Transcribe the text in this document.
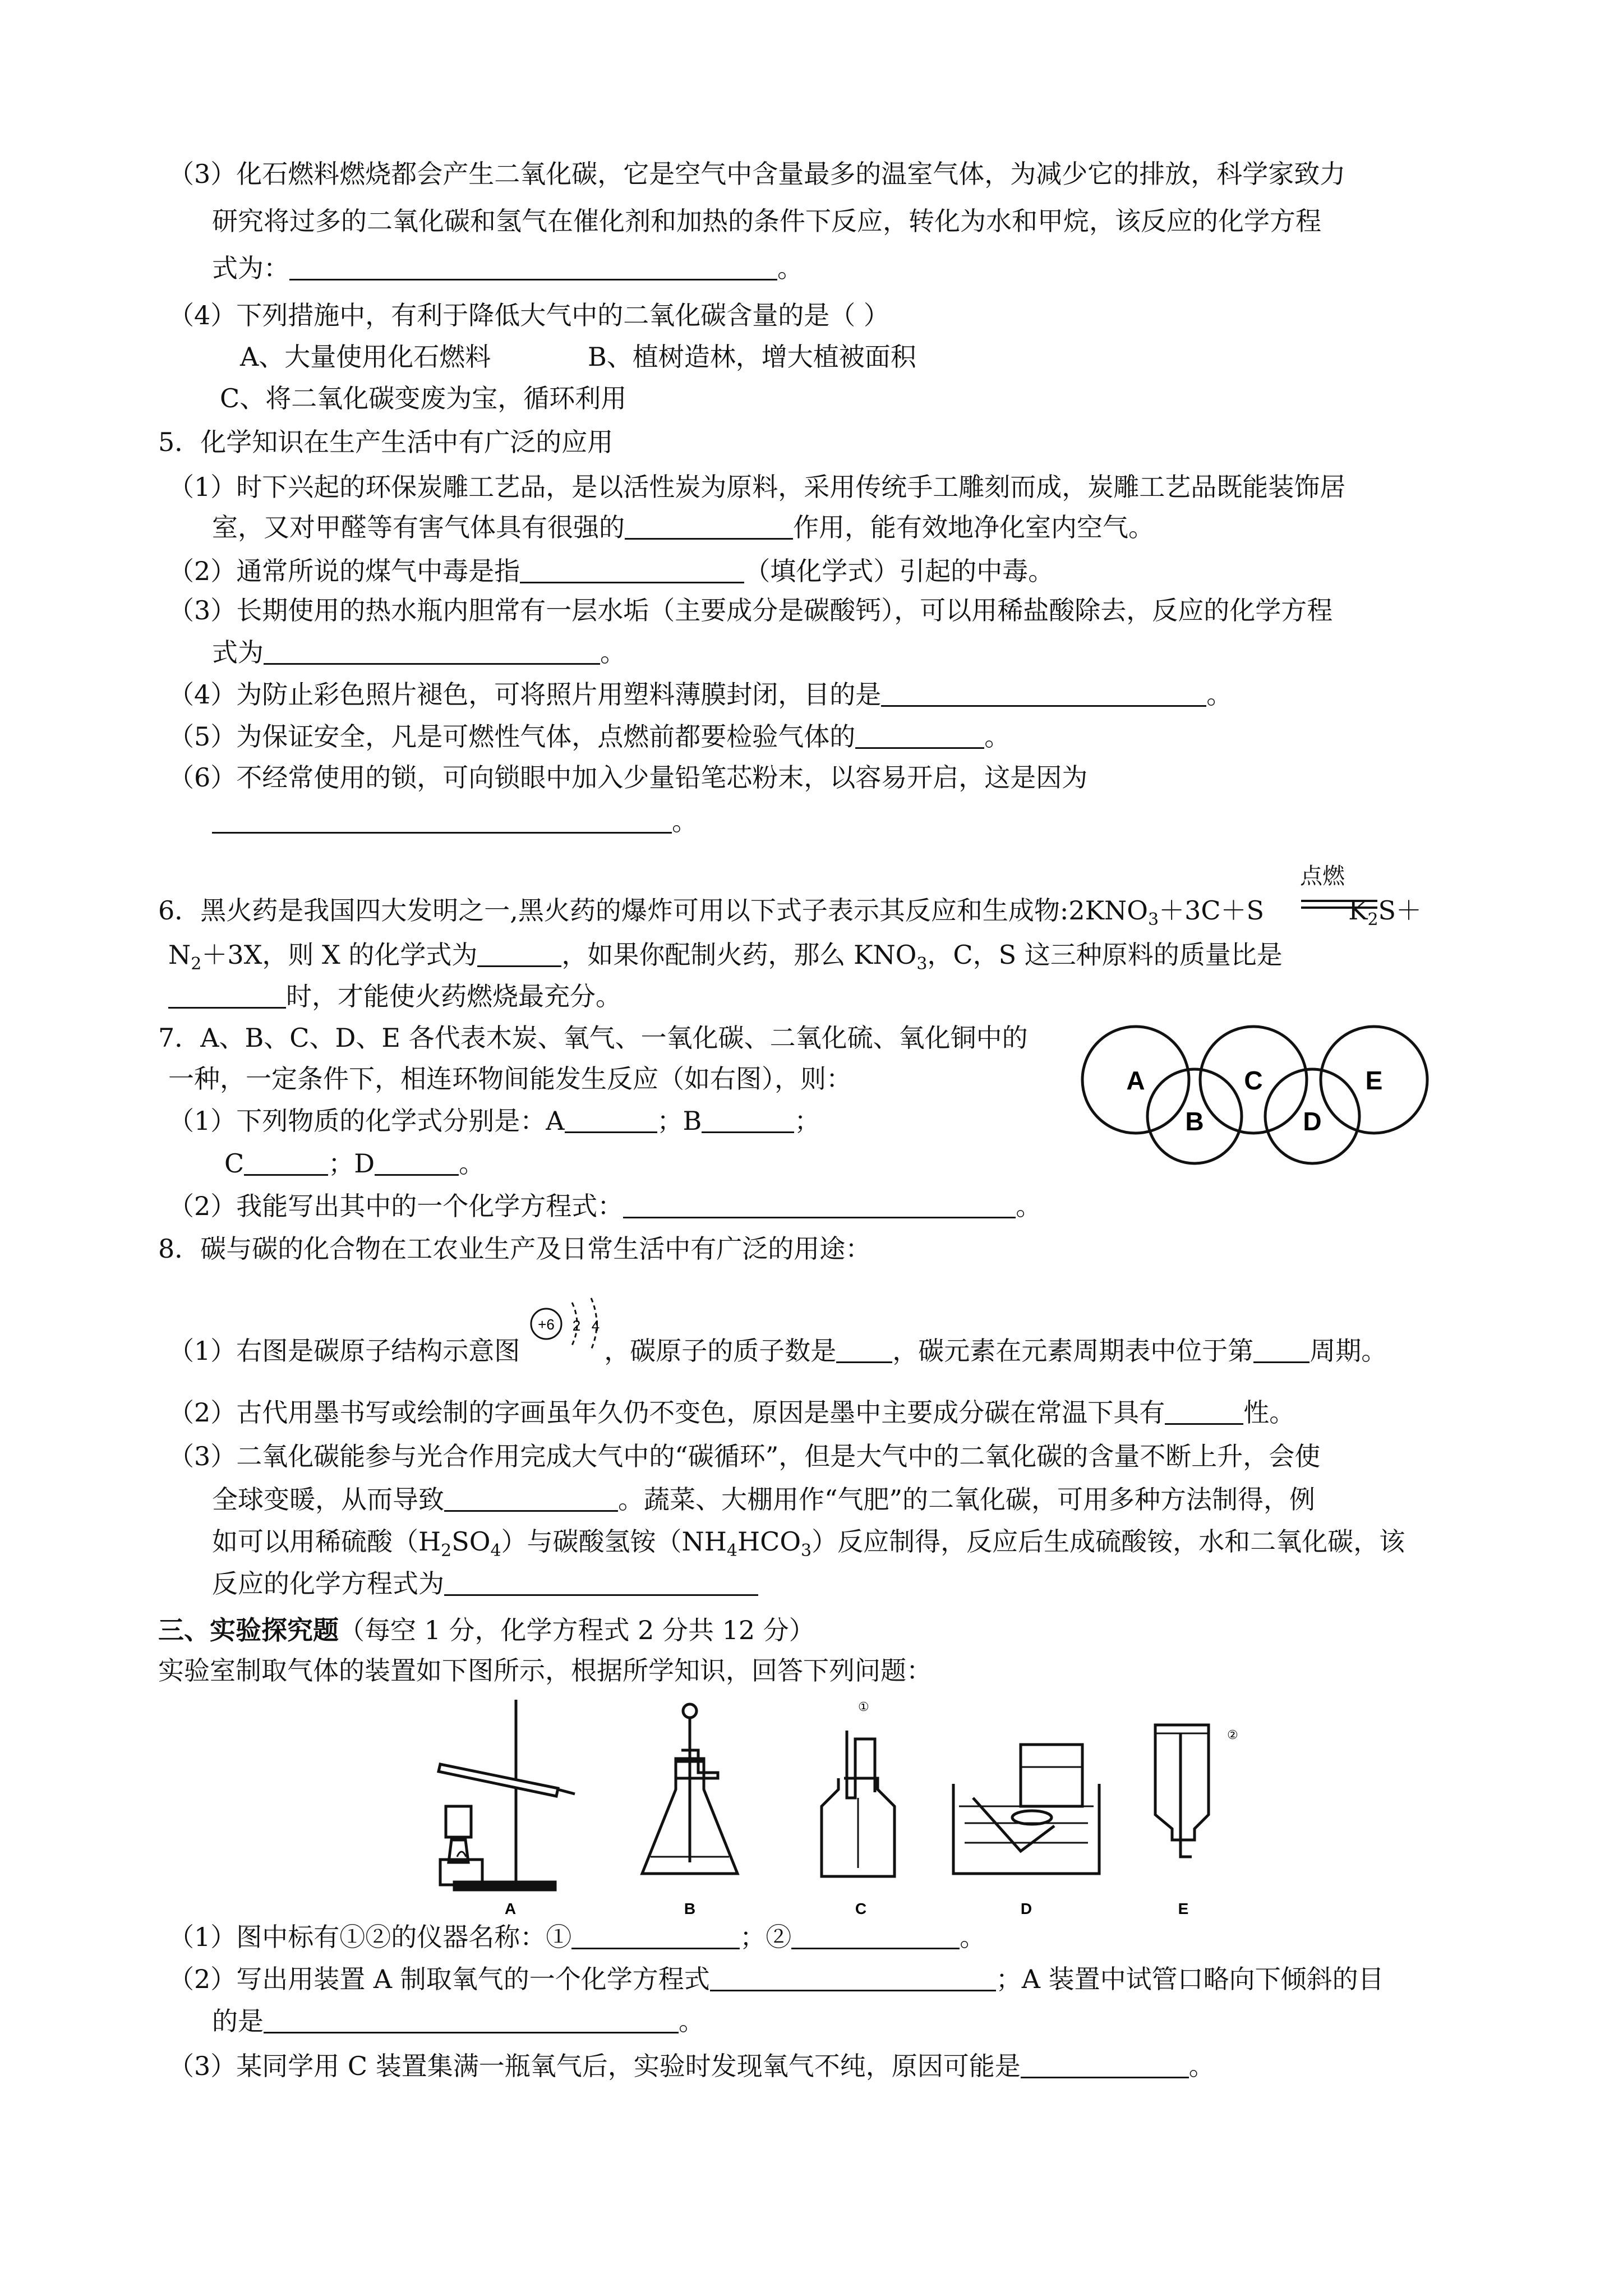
（3）化石燃料燃烧都会产生二氧化碳，它是空气中含量最多的温室气体，为减少它的排放，科学家致力
研究将过多的二氧化碳和氢气在催化剂和加热的条件下反应，转化为水和甲烷，该反应的化学方程
式为：	。
（4）下列措施中，有利于降低大气中的二氧化碳含量的是（ ）
A、大量使用化石燃料	B、植树造林，增大植被面积
C、将二氧化碳变废为宝，循环利用
5．化学知识在生产生活中有广泛的应用
（1）时下兴起的环保炭雕工艺品，是以活性炭为原料，采用传统手工雕刻而成，炭雕工艺品既能装饰居
室，又对甲醛等有害气体具有很强的	作用，能有效地净化室内空气。
（2）通常所说的煤气中毒是指	（填化学式）引起的中毒。
（3）长期使用的热水瓶内胆常有一层水垢（主要成分是碳酸钙），可以用稀盐酸除去，反应的化学方程
式为	。
（4）为防止彩色照片褪色，可将照片用塑料薄膜封闭，目的是	。
（5）为保证安全，凡是可燃性气体，点燃前都要检验气体的	。
（6）不经常使用的锁，可向锁眼中加入少量铅笔芯粉末，以容易开启，这是因为
。
6．黑火药是我国四大发明之一,黑火药的爆炸可用以下式子表示其反应和生成物$:2KNO_3+3C+S$	$K_2S+$
点燃
$N_2+3X$，则 X 的化学式为	，如果你配制火药，那么 $KNO_3$，C，S 这三种原料的质量比是
时，才能使火药燃烧最充分。
7．A、B、C、D、E 各代表木炭、氧气、一氧化碳、二氧化硫、氧化铜中的
一种，一定条件下，相连环物间能发生反应（如右图），则：
（1）下列物质的化学式分别是：A	；B	；
C	；D	。
（2）我能写出其中的一个化学方程式：	。
A
B
C
D
E
8．碳与碳的化合物在工农业生产及日常生活中有广泛的用途：
（1）右图是碳原子结构示意图	，碳原子的质子数是 ，碳元素在元素周期表中位于第 周期。
+6 2 4
（2）古代用墨书写或绘制的字画虽年久仍不变色，原因是墨中主要成分碳在常温下具有	性。
（3）二氧化碳能参与光合作用完成大气中的“碳循环”，但是大气中的二氧化碳的含量不断上升，会使
全球变暖，从而导致	。蔬菜、大棚用作“气肥”的二氧化碳，可用多种方法制得，例
如可以用稀硫酸$(H_2SO_4)$与碳酸氢铵$(NH_4HCO_3)$反应制得，反应后生成硫酸铵，水和二氧化碳，该
反应的化学方程式为
三、实验探究题（每空 1 分，化学方程式 2 分共 12 分）
实验室制取气体的装置如下图所示，根据所学知识，回答下列问题：
①
②
A	B	C	D	E
（1）图中标有①②的仪器名称：①	；②	。
（2）写出用装置 A 制取氧气的一个化学方程式	；A 装置中试管口略向下倾斜的目
的是	。
（3）某同学用 C 装置集满一瓶氧气后，实验时发现氧气不纯，原因可能是	。
